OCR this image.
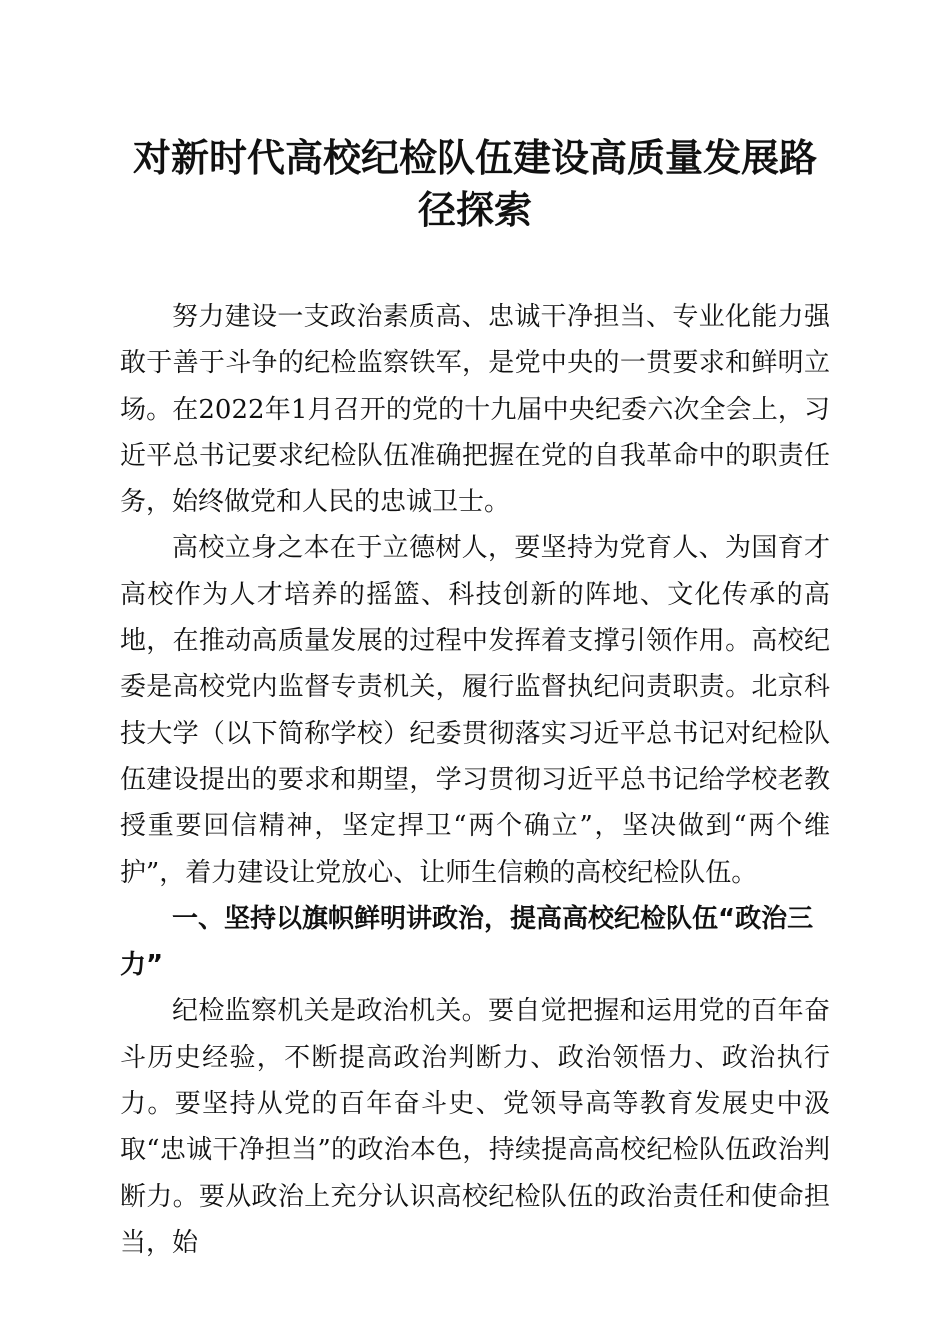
对新时代高校纪检队伍建设高质量发展路径探索

努力建设一支政治素质高、忠诚干净担当、专业化能力强敢于善于斗争的纪检监察铁军，是党中央的一贯要求和鲜明立场。在2022年1月召开的党的十九届中央纪委六次全会上，习近平总书记要求纪检队伍准确把握在党的自我革命中的职责任务，始终做党和人民的忠诚卫士。

高校立身之本在于立德树人，要坚持为党育人、为国育才高校作为人才培养的摇篮、科技创新的阵地、文化传承的高地，在推动高质量发展的过程中发挥着支撑引领作用。高校纪委是高校党内监督专责机关，履行监督执纪问责职责。北京科技大学（以下简称学校）纪委贯彻落实习近平总书记对纪检队伍建设提出的要求和期望，学习贯彻习近平总书记给学校老教授重要回信精神，坚定捍卫“两个确立”，坚决做到“两个维护”，着力建设让党放心、让师生信赖的高校纪检队伍。

一、坚持以旗帜鲜明讲政治，提高高校纪检队伍“政治三力”

纪检监察机关是政治机关。要自觉把握和运用党的百年奋斗历史经验，不断提高政治判断力、政治领悟力、政治执行力。要坚持从党的百年奋斗史、党领导高等教育发展史中汲取“忠诚干净担当”的政治本色，持续提高高校纪检队伍政治判断力。要从政治上充分认识高校纪检队伍的政治责任和使命担当，始
